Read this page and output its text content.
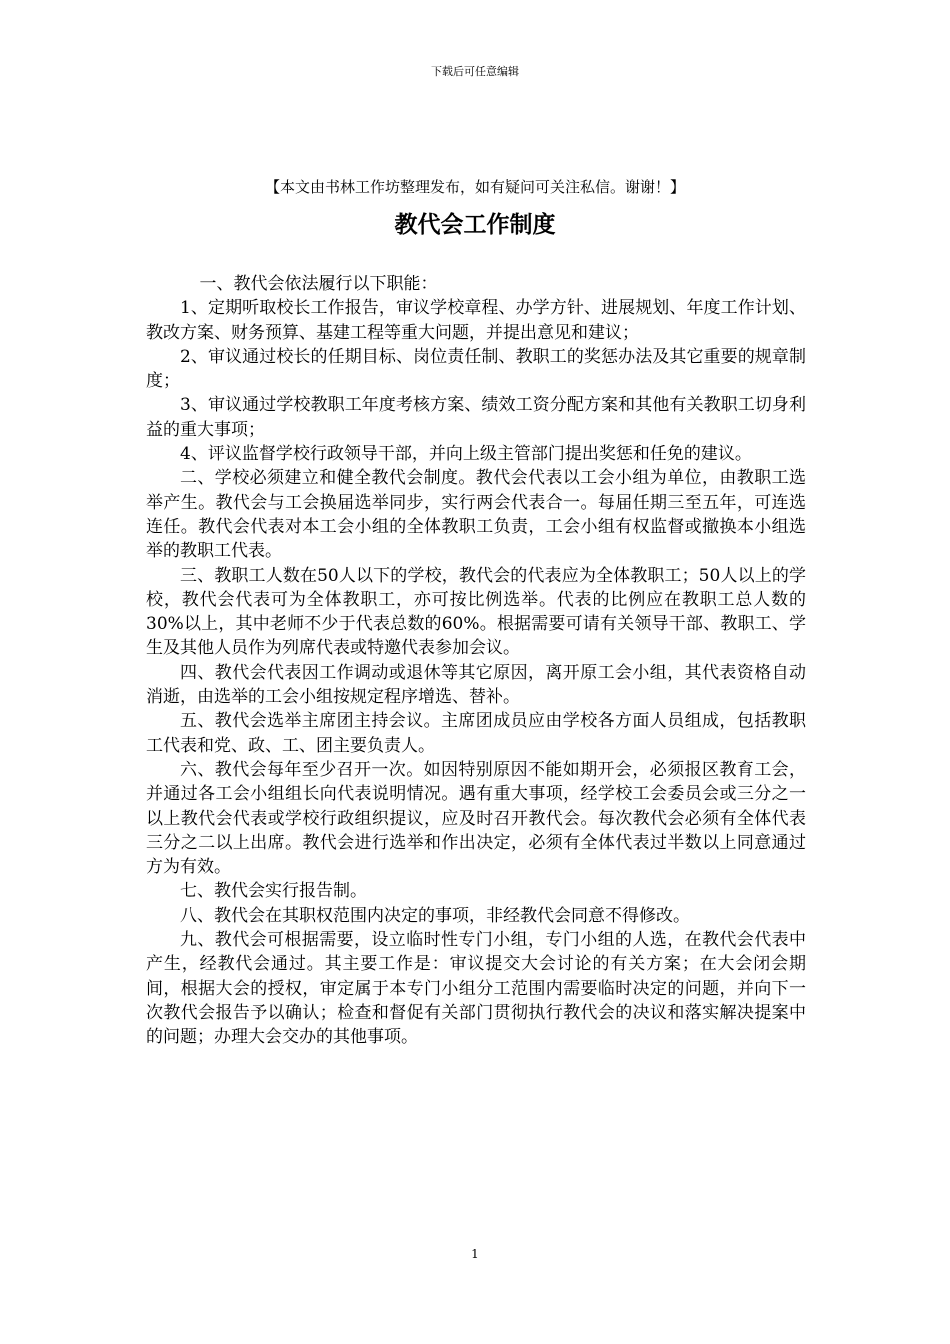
下载后可任意编辑
【本文由书林工作坊整理发布，如有疑问可关注私信。谢谢！】
教代会工作制度

一、教代会依法履行以下职能：

1、定期听取校长工作报告，审议学校章程、办学方针、进展规划、年度工作计划、教改方案、财务预算、基建工程等重大问题，并提出意见和建议；

2、审议通过校长的任期目标、岗位责任制、教职工的奖惩办法及其它重要的规章制度；

3、审议通过学校教职工年度考核方案、绩效工资分配方案和其他有关教职工切身利益的重大事项；

4、评议监督学校行政领导干部，并向上级主管部门提出奖惩和任免的建议。

二、学校必须建立和健全教代会制度。教代会代表以工会小组为单位，由教职工选举产生。教代会与工会换届选举同步，实行两会代表合一。每届任期三至五年，可连选连任。教代会代表对本工会小组的全体教职工负责，工会小组有权监督或撤换本小组选举的教职工代表。

三、教职工人数在50人以下的学校，教代会的代表应为全体教职工；50人以上的学校，教代会代表可为全体教职工，亦可按比例选举。代表的比例应在教职工总人数的30%以上，其中老师不少于代表总数的60%。根据需要可请有关领导干部、教职工、学生及其他人员作为列席代表或特邀代表参加会议。

四、教代会代表因工作调动或退休等其它原因，离开原工会小组，其代表资格自动消逝，由选举的工会小组按规定程序增选、替补。

五、教代会选举主席团主持会议。主席团成员应由学校各方面人员组成，包括教职工代表和党、政、工、团主要负责人。

六、教代会每年至少召开一次。如因特别原因不能如期开会，必须报区教育工会，并通过各工会小组组长向代表说明情况。遇有重大事项，经学校工会委员会或三分之一以上教代会代表或学校行政组织提议，应及时召开教代会。每次教代会必须有全体代表三分之二以上出席。教代会进行选举和作出决定，必须有全体代表过半数以上同意通过方为有效。

七、教代会实行报告制。

八、教代会在其职权范围内决定的事项，非经教代会同意不得修改。

九、教代会可根据需要，设立临时性专门小组，专门小组的人选，在教代会代表中产生，经教代会通过。其主要工作是：审议提交大会讨论的有关方案；在大会闭会期间，根据大会的授权，审定属于本专门小组分工范围内需要临时决定的问题，并向下一次教代会报告予以确认；检查和督促有关部门贯彻执行教代会的决议和落实解决提案中的问题；办理大会交办的其他事项。

1
